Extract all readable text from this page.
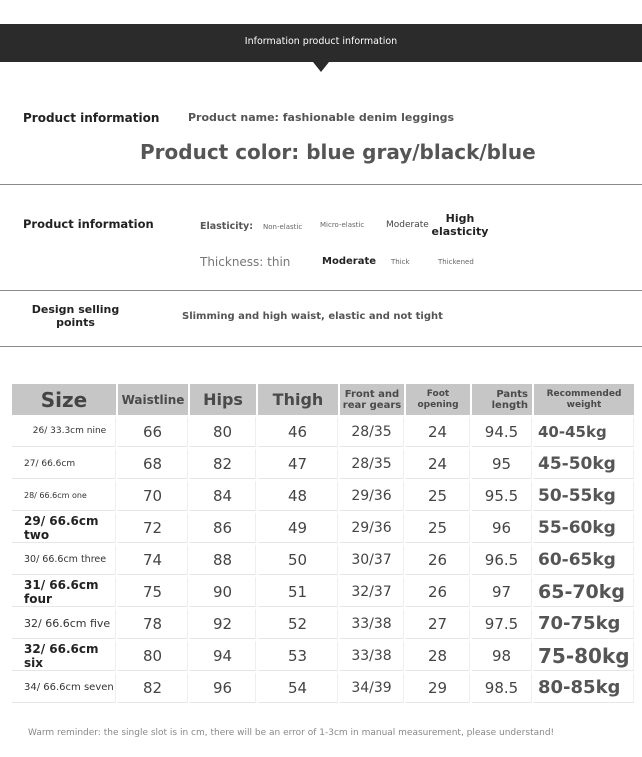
Information product information
Product information	Product name: fashionable denim leggings
Product color: blue gray/black/blue
Product information	Elasticity: Non-elastic	Micro-elastic Moderate	High elasticity
Thickness: thin	Moderate Thick	Thickened
Design selling points	Slimming and high waist, elastic and not tight
Size	Waistline	Hips	Thigh	Front and rear gears	Foot opening	Pants length	Recommended weight
26/ 33.3cm nine	66	80	46	28/35	24	94.5	40-45kg
27/ 66.6cm	68	82	47	28/35	24	95	45-50kg
28/ 66.6cm one	70	84	48	29/36	25	95.5	50-55kg
29/ 66.6cm two	72	86	49	29/36	25	96	55-60kg
30/ 66.6cm three	74	88	50	30/37	26	96.5	60-65kg
31/ 66.6cm four	75	90	51	32/37	26	97	65-70kg
32/ 66.6cm five	78	92	52	33/38	27	97.5	70-75kg
32/ 66.6cm six	80	94	53	33/38	28	98	75-80kg
34/ 66.6cm seven	82	96	54	34/39	29	98.5	80-85kg
Warm reminder: the single slot is in cm, there will be an error of 1-3cm in manual measurement, please understand!
